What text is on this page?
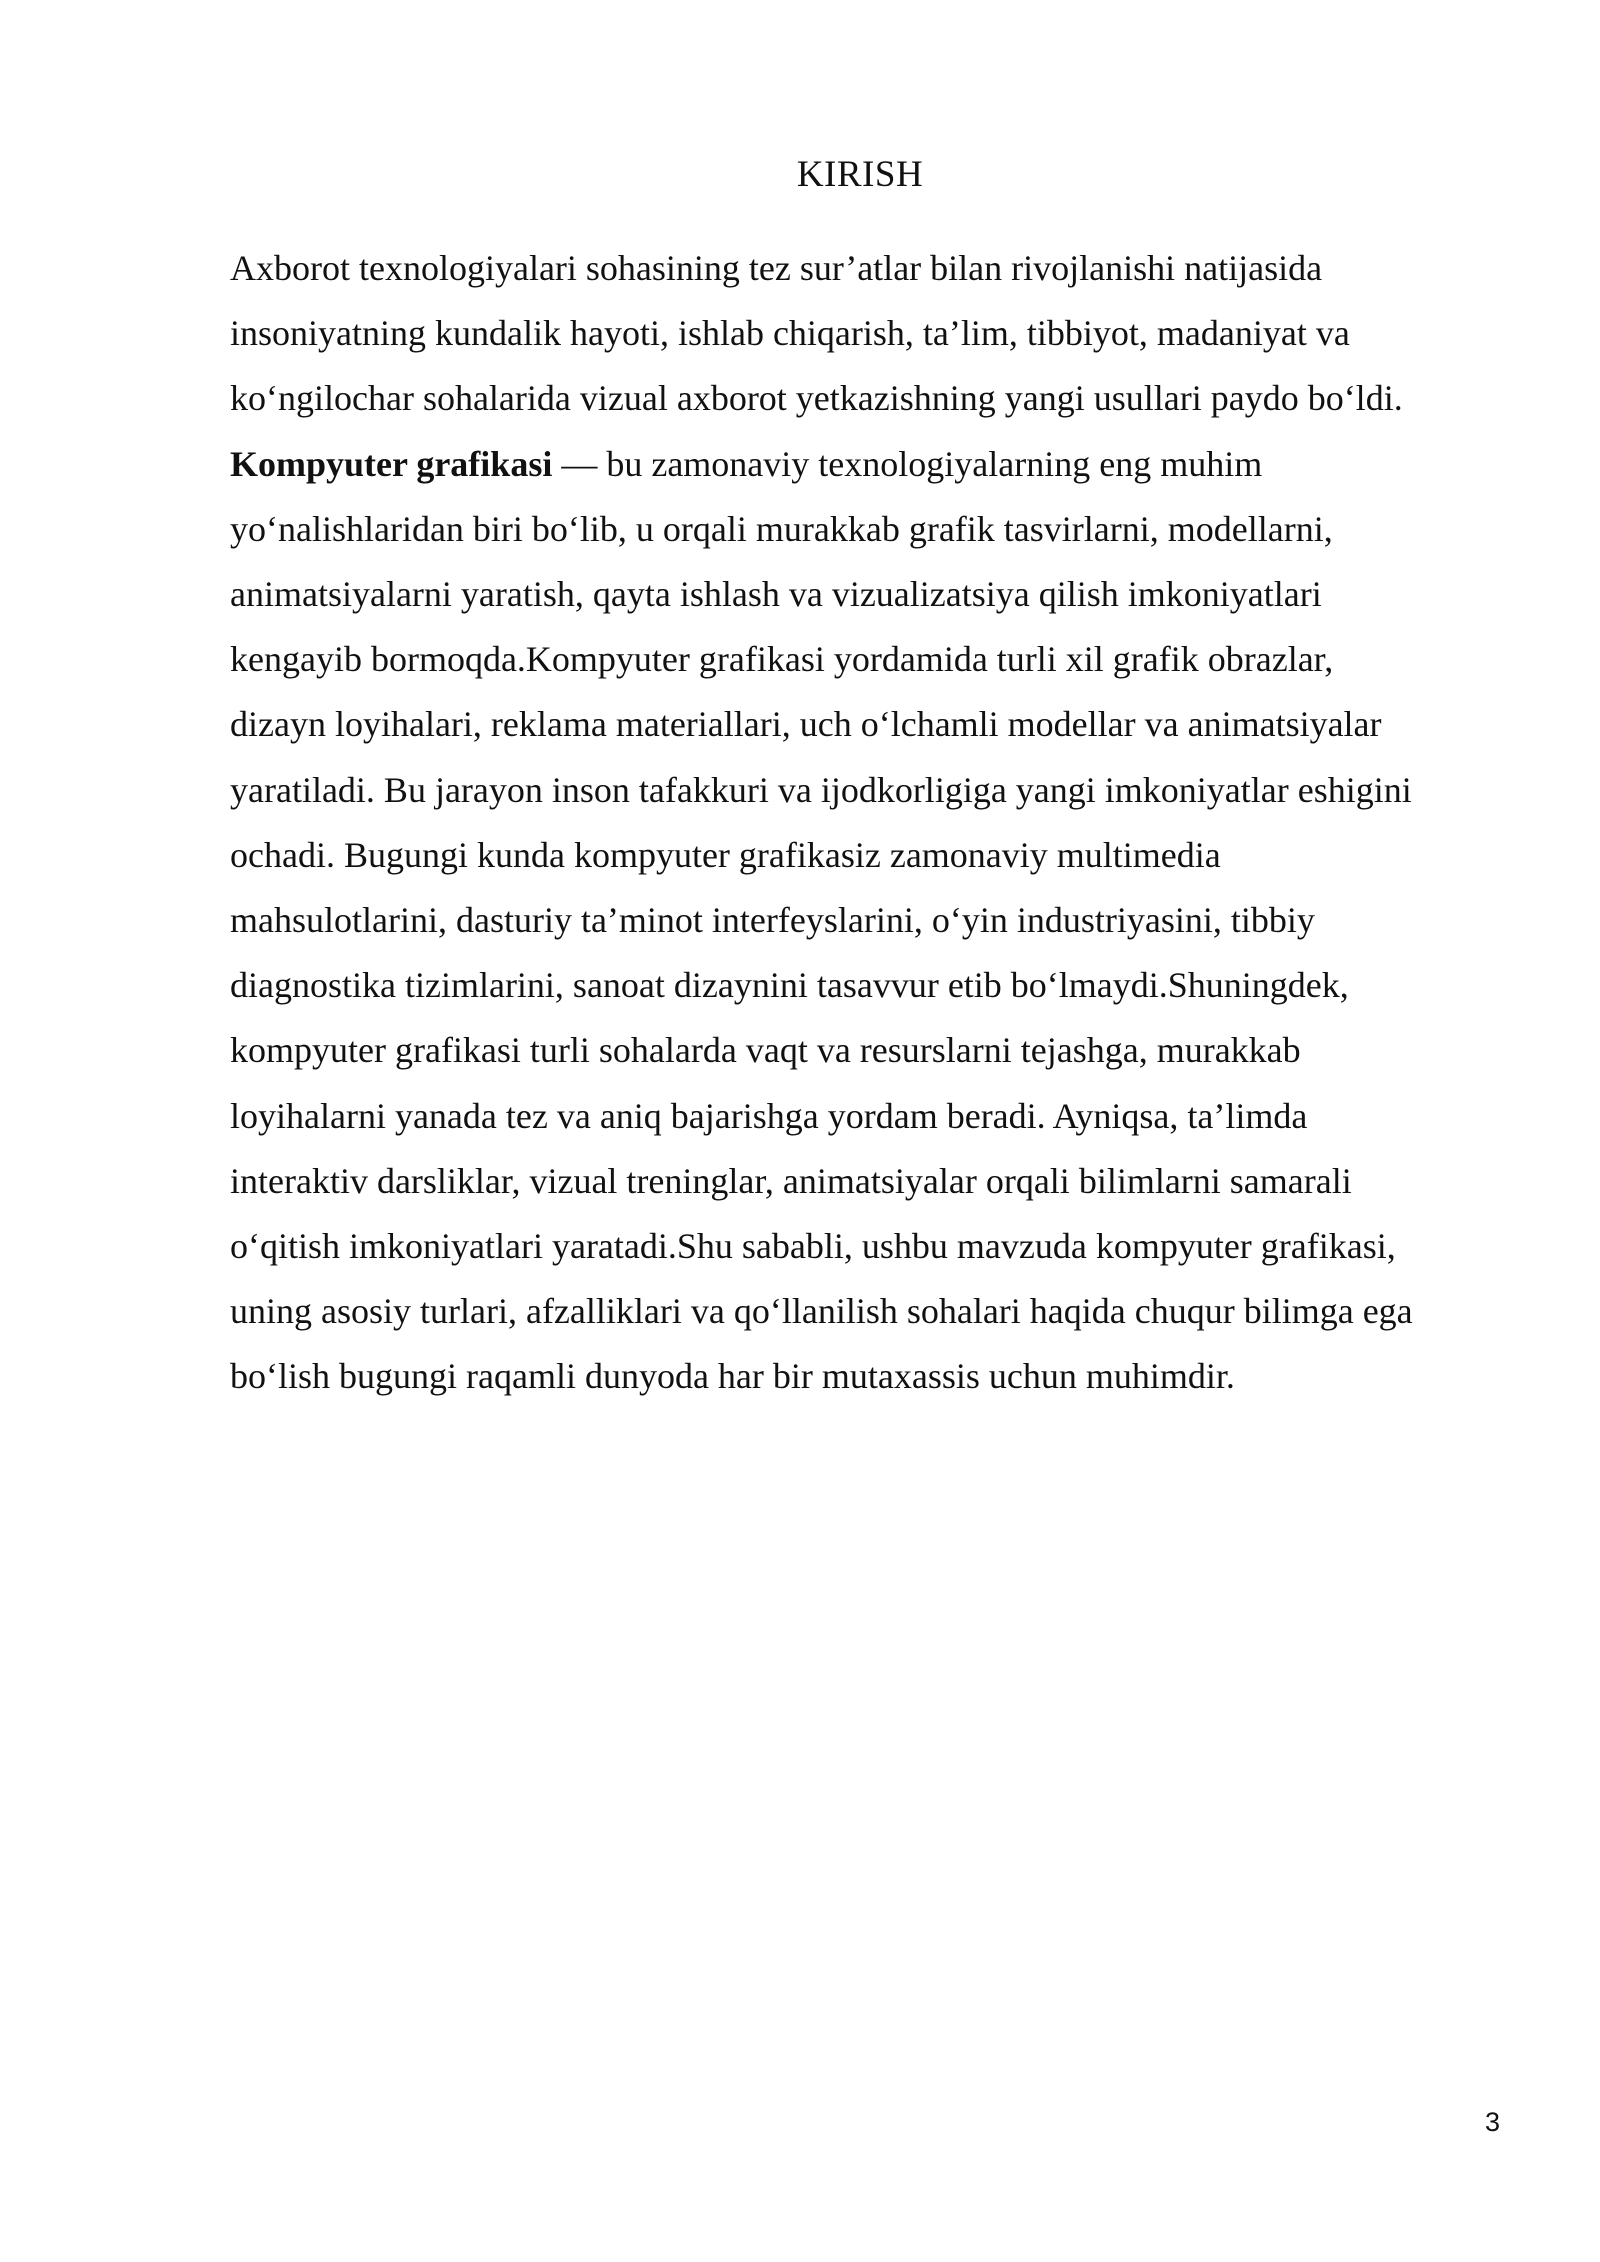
KIRISH

Axborot texnologiyalari sohasining tez sur’atlar bilan rivojlanishi natijasida
insoniyatning kundalik hayoti, ishlab chiqarish, ta’lim, tibbiyot, madaniyat va
ko‘ngilochar sohalarida vizual axborot yetkazishning yangi usullari paydo bo‘ldi.
Kompyuter grafikasi — bu zamonaviy texnologiyalarning eng muhim
yo‘nalishlaridan biri bo‘lib, u orqali murakkab grafik tasvirlarni, modellarni,
animatsiyalarni yaratish, qayta ishlash va vizualizatsiya qilish imkoniyatlari
kengayib bormoqda.Kompyuter grafikasi yordamida turli xil grafik obrazlar,
dizayn loyihalari, reklama materiallari, uch o‘lchamli modellar va animatsiyalar
yaratiladi. Bu jarayon inson tafakkuri va ijodkorligiga yangi imkoniyatlar eshigini
ochadi. Bugungi kunda kompyuter grafikasiz zamonaviy multimedia
mahsulotlarini, dasturiy ta’minot interfeyslarini, o‘yin industriyasini, tibbiy
diagnostika tizimlarini, sanoat dizaynini tasavvur etib bo‘lmaydi.Shuningdek,
kompyuter grafikasi turli sohalarda vaqt va resurslarni tejashga, murakkab
loyihalarni yanada tez va aniq bajarishga yordam beradi. Ayniqsa, ta’limda
interaktiv darsliklar, vizual treninglar, animatsiyalar orqali bilimlarni samarali
o‘qitish imkoniyatlari yaratadi.Shu sababli, ushbu mavzuda kompyuter grafikasi,
uning asosiy turlari, afzalliklari va qo‘llanilish sohalari haqida chuqur bilimga ega
bo‘lish bugungi raqamli dunyoda har bir mutaxassis uchun muhimdir.

3
